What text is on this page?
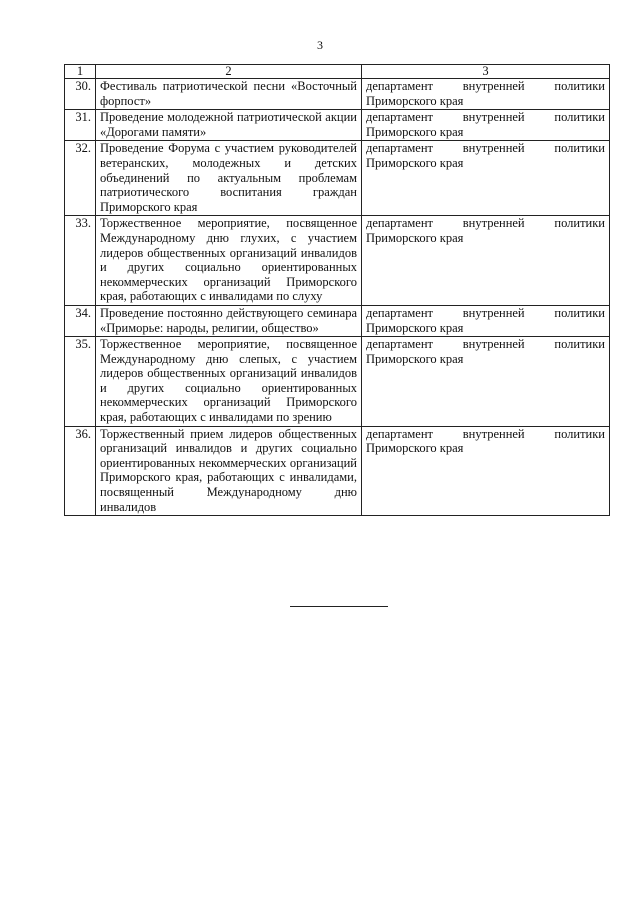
3
1	2	3
30.	Фестиваль патриотической песни «Восточный форпост»	департамент внутренней политики
Приморского края

31.	Проведение молодежной патриотической акции «Дорогами памяти»	департамент внутренней политики
Приморского края

32.	Проведение Форума с участием руководителей ветеранских, молодежных и детских объединений по актуальным проблемам патриотического воспитания граждан Приморского края	департамент внутренней политики
Приморского края

33.	Торжественное мероприятие, посвященное Международному дню глухих, с участием лидеров общественных организаций инвалидов и других социально ориентированных некоммерческих организаций Приморского края, работающих с инвалидами по слуху	департамент внутренней политики
Приморского края

34.	Проведение постоянно действующего семинара «Приморье: народы, религии, общество»	департамент внутренней политики
Приморского края

35.	Торжественное мероприятие, посвященное Международному дню слепых, с участием лидеров общественных организаций инвалидов и других социально ориентированных некоммерческих организаций Приморского края, работающих с инвалидами по зрению	департамент внутренней политики
Приморского края

36.	Торжественный прием лидеров общественных организаций инвалидов и других социально ориентированных некоммерческих организаций Приморского края, работающих с инвалидами, посвященный Международному дню инвалидов	департамент внутренней политики
Приморского края
